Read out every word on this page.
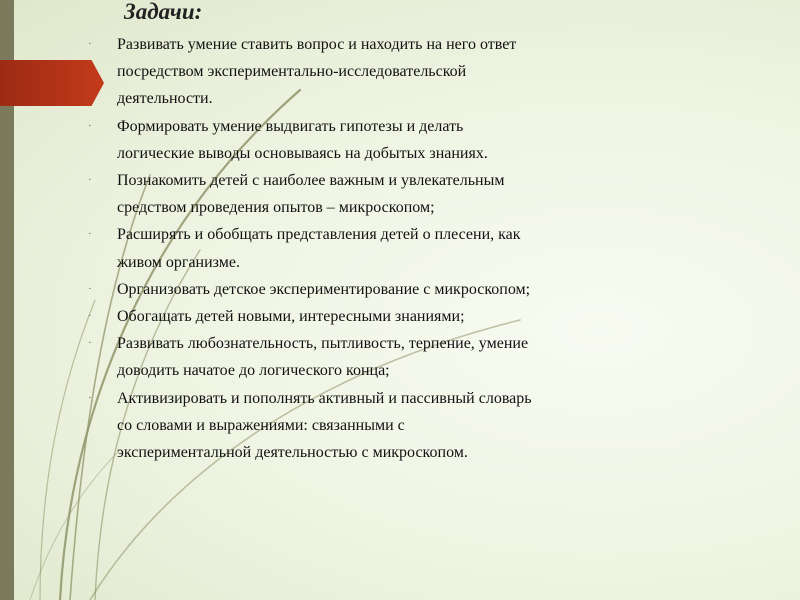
Задачи:
· Развивать умение ставить вопрос и находить на него ответ
посредством экспериментально-исследовательской
деятельности.
· Формировать умение выдвигать гипотезы и делать
логические выводы основываясь на добытых знаниях.
· Познакомить детей с наиболее важным и увлекательным
средством проведения опытов – микроскопом;
· Расширять и обобщать представления детей о плесени, как
живом организме.
· Организовать детское экспериментирование с микроскопом;
· Обогащать детей новыми, интересными знаниями;
· Развивать любознательность, пытливость, терпение, умение
доводить начатое до логического конца;
· Активизировать и пополнять активный и пассивный словарь
со словами и выражениями: связанными с
экспериментальной деятельностью с микроскопом.
